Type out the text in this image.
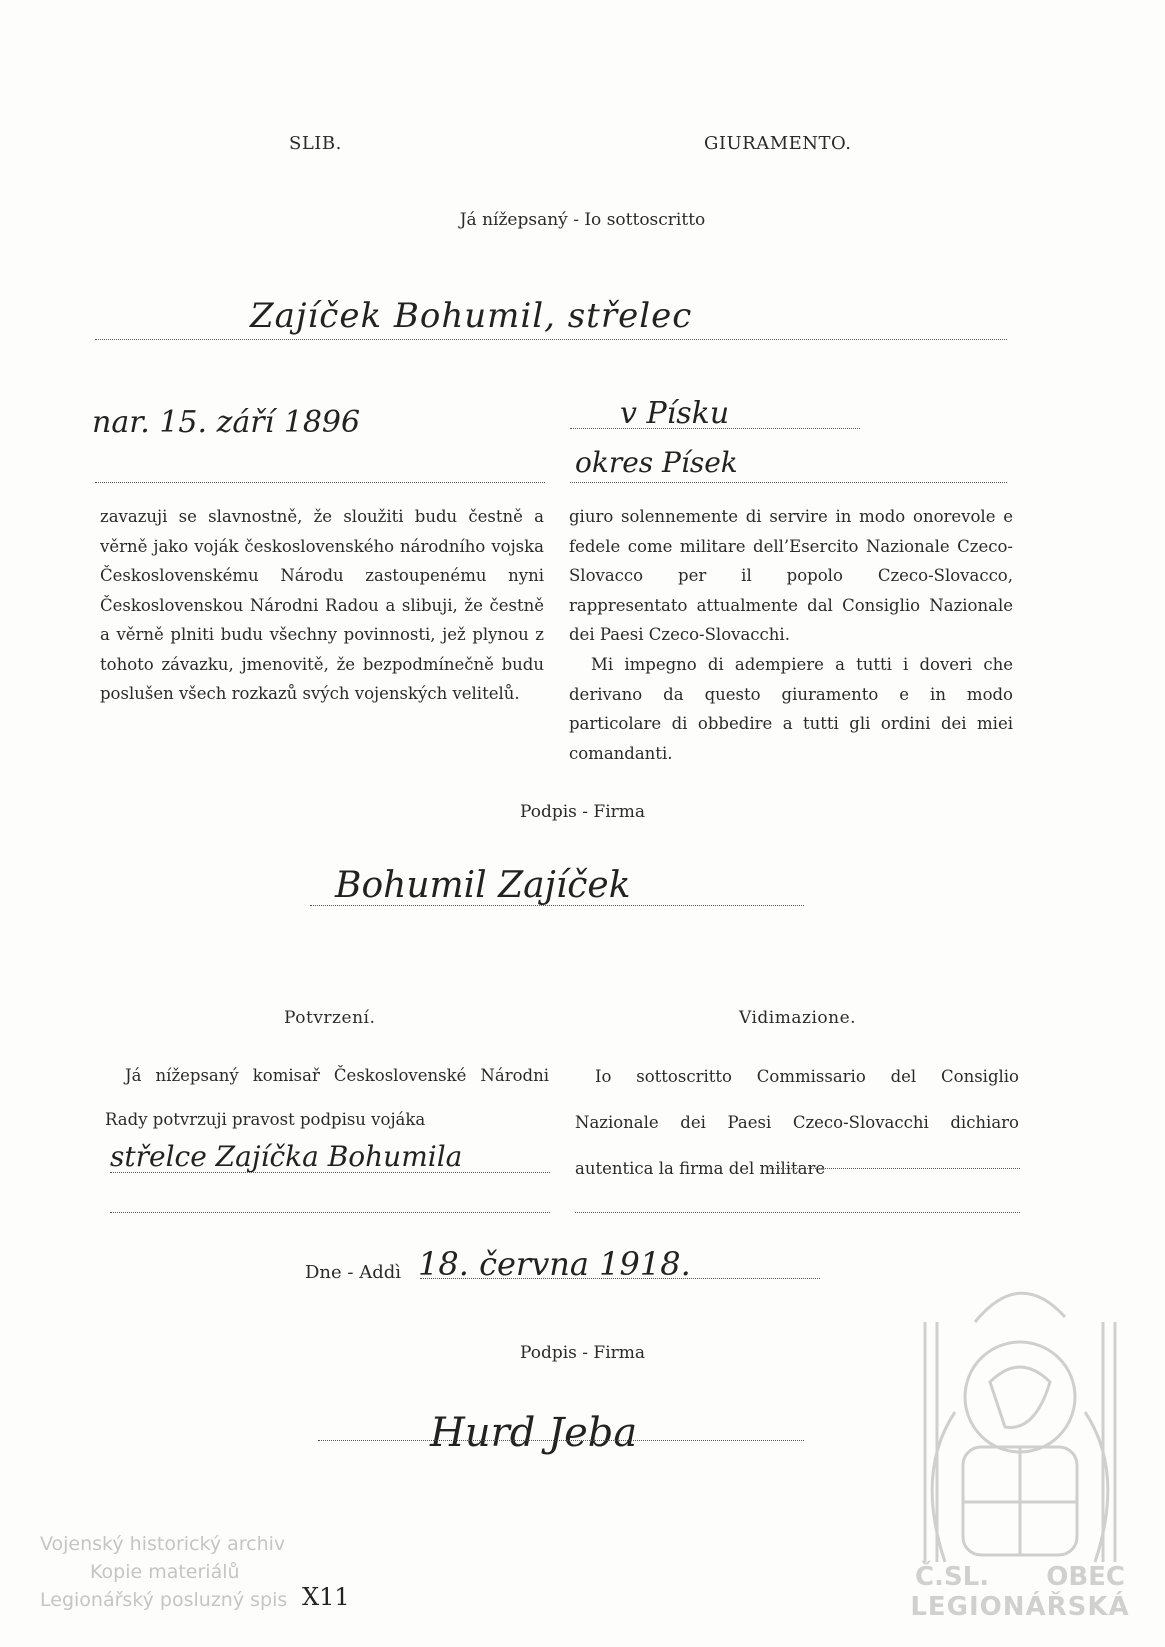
SLIB.	GIURAMENTO.
Já nížepsaný - Io sottoscritto
Zajíček Bohumil, střelec
nar. 15. září 1896	v Písku
okres Písek
zavazuji se slavnostně, že sloužiti budu čestně a věrně jako voják československého národního vojska Československému Národu zastoupenému nyni Československou Národni Radou a slibuji, že čestně a věrně plniti budu všechny povinnosti, jež plynou z tohoto závazku, jmenovitě, že bezpodmínečně budu poslušen všech rozkazů svých vojenských velitelů.
giuro solennemente di servire in modo onorevole e fedele come militare dell’Esercito Nazionale Czeco-Slovacco per il popolo Czeco-Slovacco, rappresentato attualmente dal Consiglio Nazionale dei Paesi Czeco-Slovacchi.
Mi impegno di adempiere a tutti i doveri che derivano da questo giuramento e in modo particolare di obbedire a tutti gli ordini dei miei comandanti.
Podpis - Firma
Bohumil Zajíček
Potvrzení.	Vidimazione.
Já nížepsaný komisař Československé Národni Rady potvrzuji pravost podpisu vojáka
střelce Zajíčka Bohumila
Io sottoscritto Commissario del Consiglio Nazionale dei Paesi Czeco-Slovacchi dichiaro autentica la firma del militare
Dne - Addì 18. června 1918.
Podpis - Firma
Hurd Jeba
Vojenský historický archiv
Kopie materiálů
Legionářský posluzný spis X11
Č.SL. OBEC
LEGIONÁŘSKÁ
